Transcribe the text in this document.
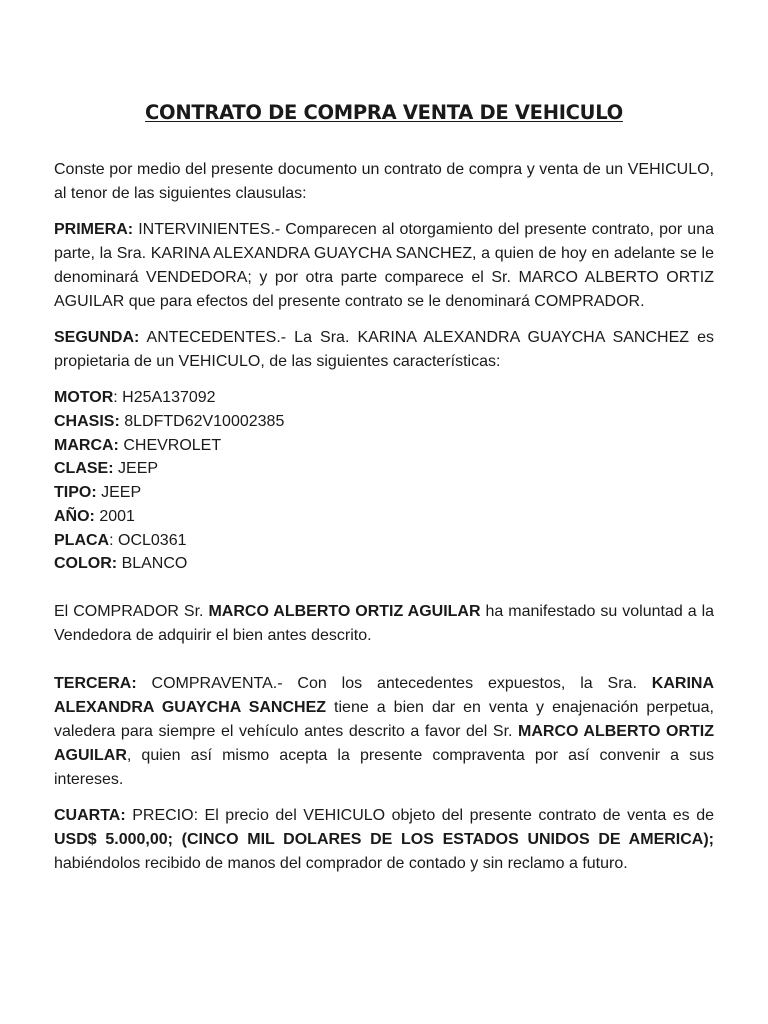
CONTRATO DE COMPRA VENTA DE VEHICULO

Conste por medio del presente documento un contrato de compra y venta de un VEHICULO, al tenor de las siguientes clausulas:

PRIMERA: INTERVINIENTES.- Comparecen al otorgamiento del presente contrato, por una parte, la Sra. KARINA ALEXANDRA GUAYCHA SANCHEZ, a quien de hoy en adelante se le denominará VENDEDORA; y por otra parte comparece el Sr. MARCO ALBERTO ORTIZ AGUILAR que para efectos del presente contrato se le denominará COMPRADOR.

SEGUNDA: ANTECEDENTES.- La Sra. KARINA ALEXANDRA GUAYCHA SANCHEZ es propietaria de un VEHICULO, de las siguientes características:

MOTOR: H25A137092
CHASIS: 8LDFTD62V10002385
MARCA: CHEVROLET
CLASE: JEEP
TIPO: JEEP
AÑO: 2001
PLACA: OCL0361
COLOR: BLANCO

El COMPRADOR Sr. MARCO ALBERTO ORTIZ AGUILAR ha manifestado su voluntad a la Vendedora de adquirir el bien antes descrito.

TERCERA: COMPRAVENTA.- Con los antecedentes expuestos, la Sra. KARINA ALEXANDRA GUAYCHA SANCHEZ tiene a bien dar en venta y enajenación perpetua, valedera para siempre el vehículo antes descrito a favor del Sr. MARCO ALBERTO ORTIZ AGUILAR, quien así mismo acepta la presente compraventa por así convenir a sus intereses.

CUARTA: PRECIO: El precio del VEHICULO objeto del presente contrato de venta es de USD$ 5.000,00; (CINCO MIL DOLARES DE LOS ESTADOS UNIDOS DE AMERICA); habiéndolos recibido de manos del comprador de contado y sin reclamo a futuro.
